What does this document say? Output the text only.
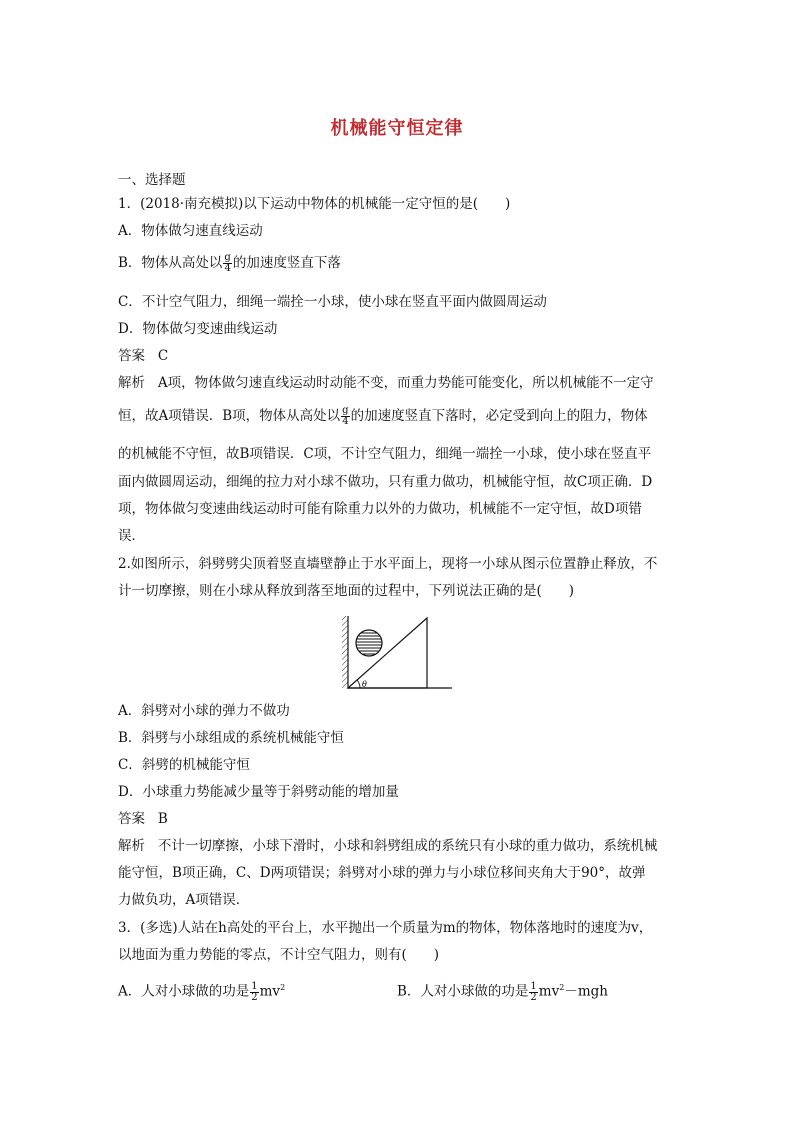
机械能守恒定律
一、选择题
1．(2018·南充模拟)以下运动中物体的机械能一定守恒的是(　　)
A．物体做匀速直线运动
B．物体从高处以 $\frac{g}{4}$ 的加速度竖直下落
C．不计空气阻力，细绳一端拴一小球，使小球在竖直平面内做圆周运动
D．物体做匀变速曲线运动
答案 C
解析 A项，物体做匀速直线运动时动能不变，而重力势能可能变化，所以机械能不一定守
恒，故A项错误．B项，物体从高处以 $\frac{g}{4}$ 的加速度竖直下落时，必定受到向上的阻力，物体
的机械能不守恒，故B项错误．C项，不计空气阻力，细绳一端拴一小球，使小球在竖直平
面内做圆周运动，细绳的拉力对小球不做功，只有重力做功，机械能守恒，故C项正确．D
项，物体做匀变速曲线运动时可能有除重力以外的力做功，机械能不一定守恒，故D项错
误．
2.如图所示，斜劈劈尖顶着竖直墙壁静止于水平面上，现将一小球从图示位置静止释放，不
计一切摩擦，则在小球从释放到落至地面的过程中，下列说法正确的是(　　)
θ
A．斜劈对小球的弹力不做功
B．斜劈与小球组成的系统机械能守恒
C．斜劈的机械能守恒
D．小球重力势能减少量等于斜劈动能的增加量
答案 B
解析 不计一切摩擦，小球下滑时，小球和斜劈组成的系统只有小球的重力做功，系统机械
能守恒，B项正确，C、D两项错误；斜劈对小球的弹力与小球位移间夹角大于90°，故弹
力做负功，A项错误．
3．(多选)人站在h高处的平台上，水平抛出一个质量为m的物体，物体落地时的速度为v，
以地面为重力势能的零点，不计空气阻力，则有(　　)
A．人对小球做的功是 $\frac{1}{2} mv^2$	B．人对小球做的功是 $\frac{1}{2} mv^2-mgh$
